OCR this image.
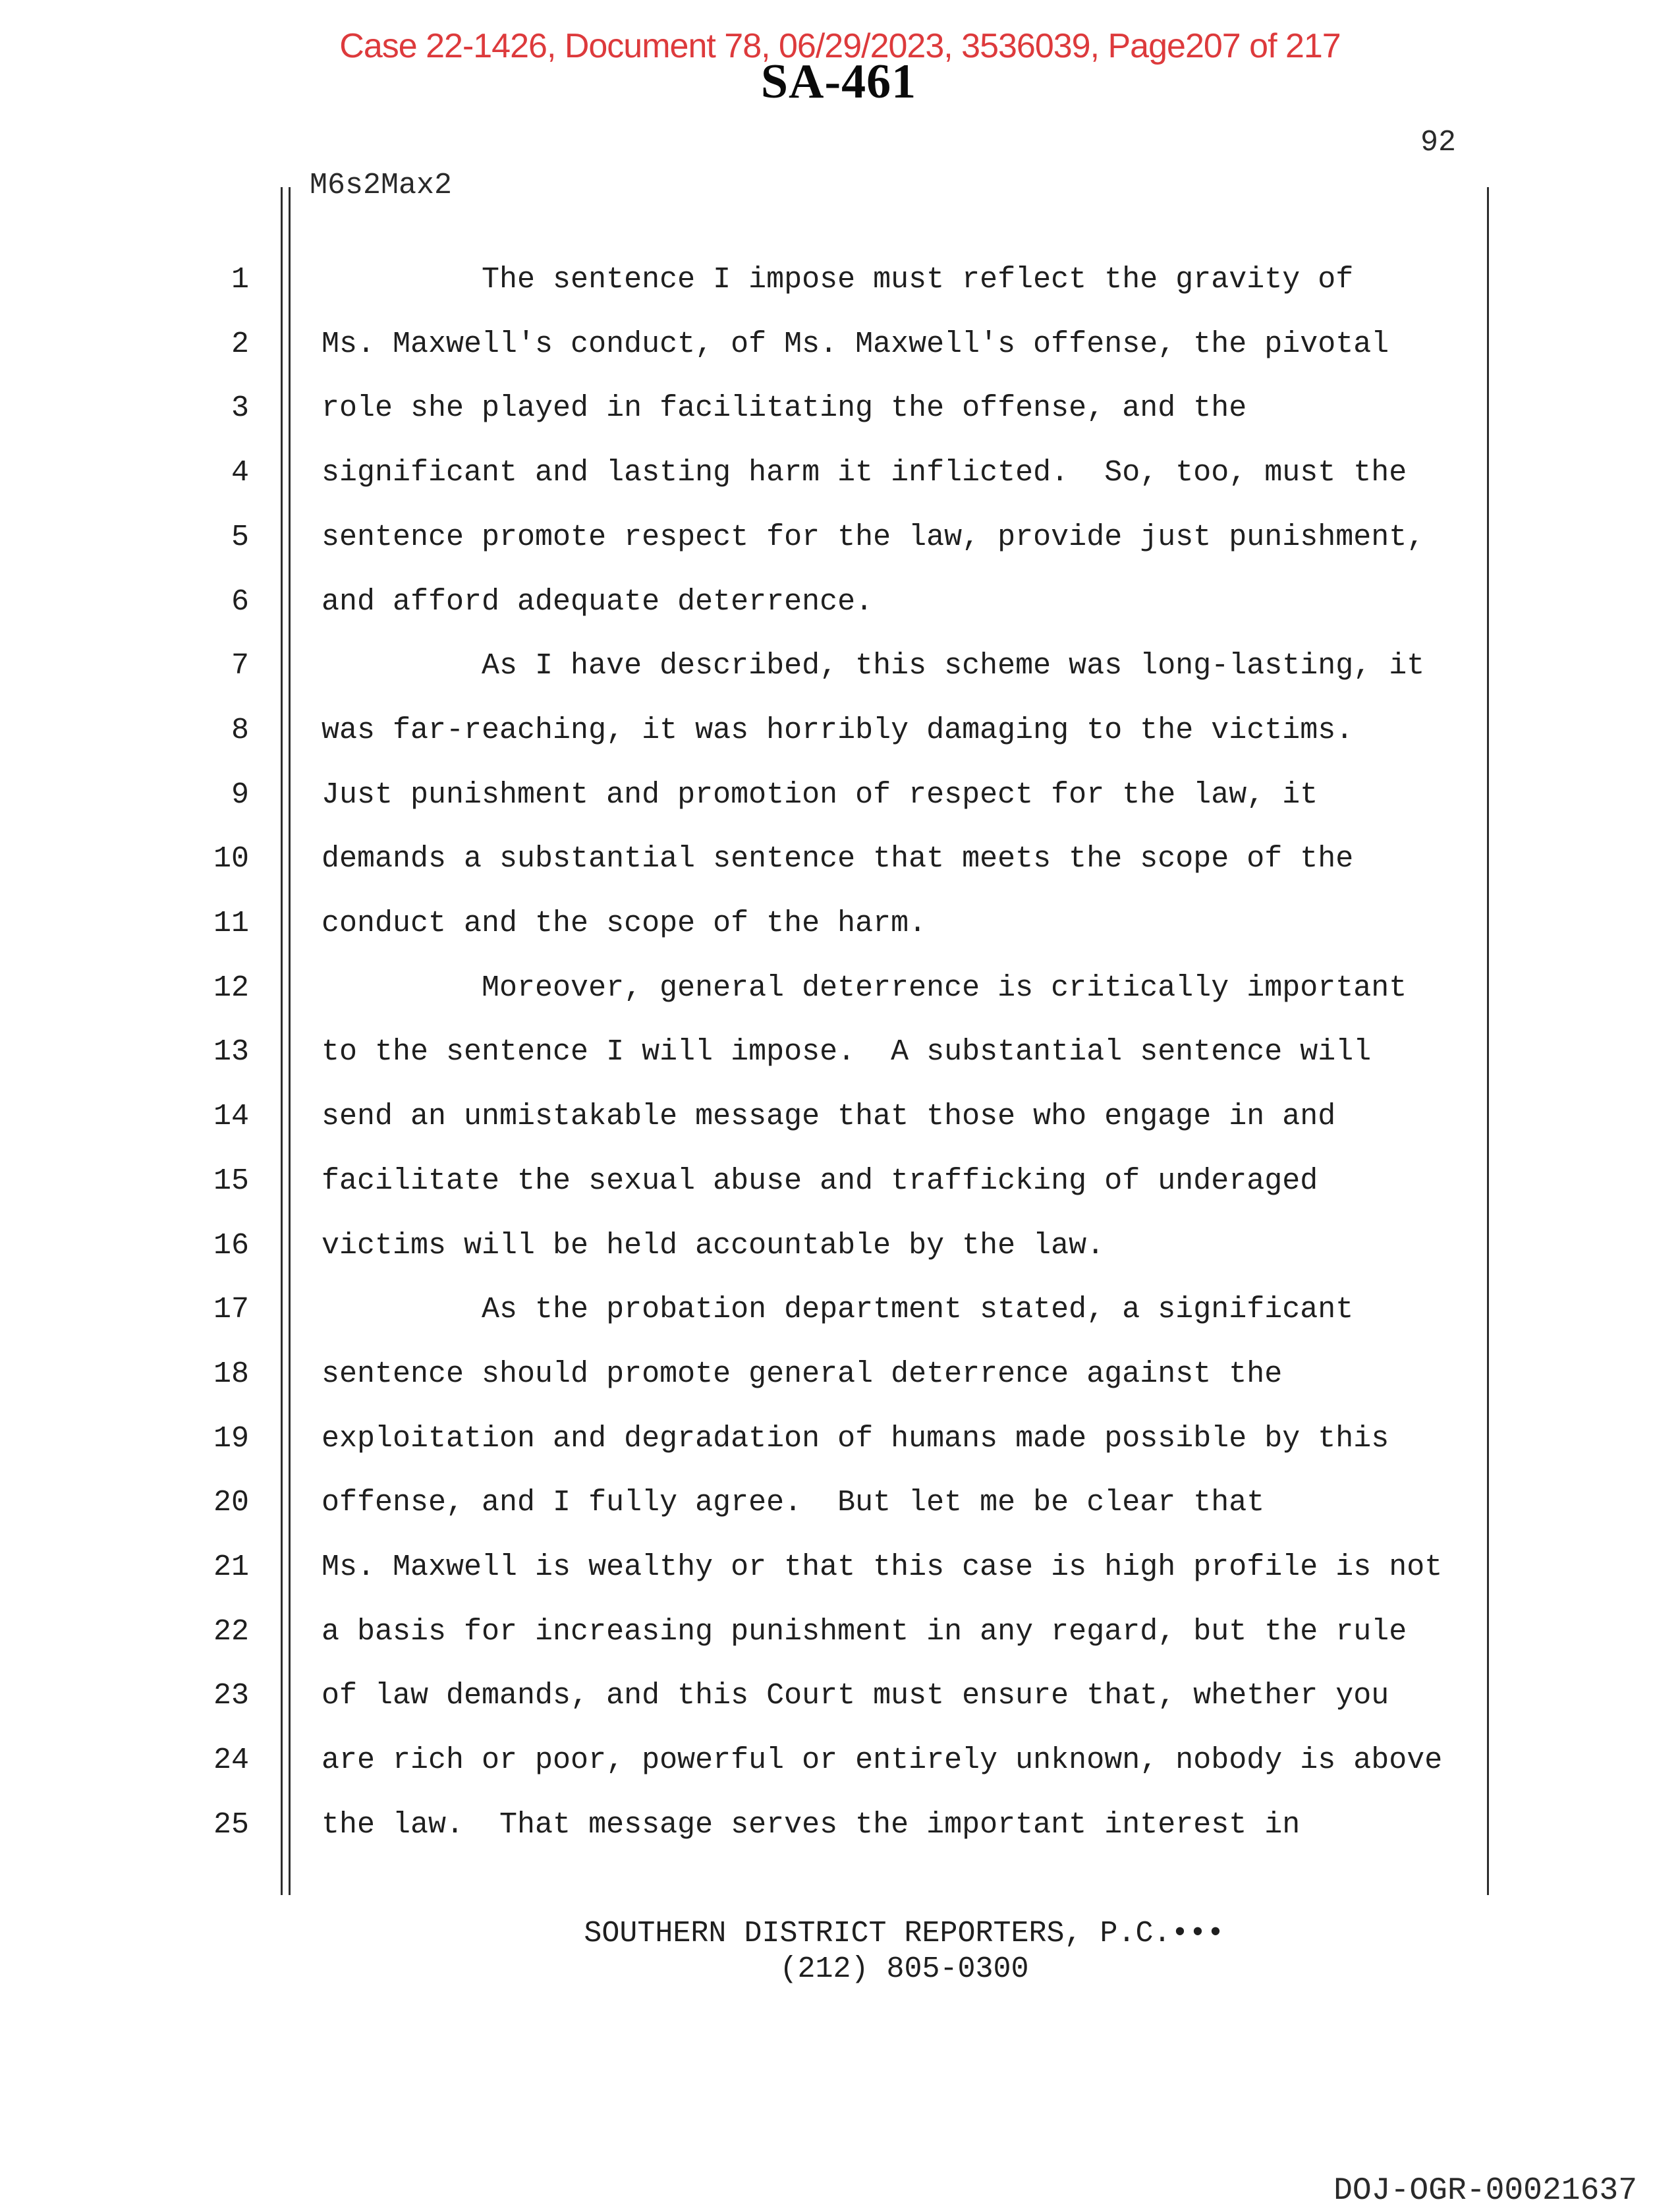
Case 22-1426, Document 78, 06/29/2023, 3536039, Page207 of 217
SA-461
92
M6s2Max2
1 The sentence I impose must reflect the gravity of
2 Ms. Maxwell's conduct, of Ms. Maxwell's offense, the pivotal
3 role she played in facilitating the offense, and the
4 significant and lasting harm it inflicted.  So, too, must the
5 sentence promote respect for the law, provide just punishment,
6 and afford adequate deterrence.
7 As I have described, this scheme was long-lasting, it
8 was far-reaching, it was horribly damaging to the victims.
9 Just punishment and promotion of respect for the law, it
10 demands a substantial sentence that meets the scope of the
11 conduct and the scope of the harm.
12 Moreover, general deterrence is critically important
13 to the sentence I will impose.  A substantial sentence will
14 send an unmistakable message that those who engage in and
15 facilitate the sexual abuse and trafficking of underaged
16 victims will be held accountable by the law.
17 As the probation department stated, a significant
18 sentence should promote general deterrence against the
19 exploitation and degradation of humans made possible by this
20 offense, and I fully agree.  But let me be clear that
21 Ms. Maxwell is wealthy or that this case is high profile is not
22 a basis for increasing punishment in any regard, but the rule
23 of law demands, and this Court must ensure that, whether you
24 are rich or poor, powerful or entirely unknown, nobody is above
25 the law.  That message serves the important interest in
SOUTHERN DISTRICT REPORTERS, P.C.•••
(212) 805-0300
DOJ-OGR-00021637
